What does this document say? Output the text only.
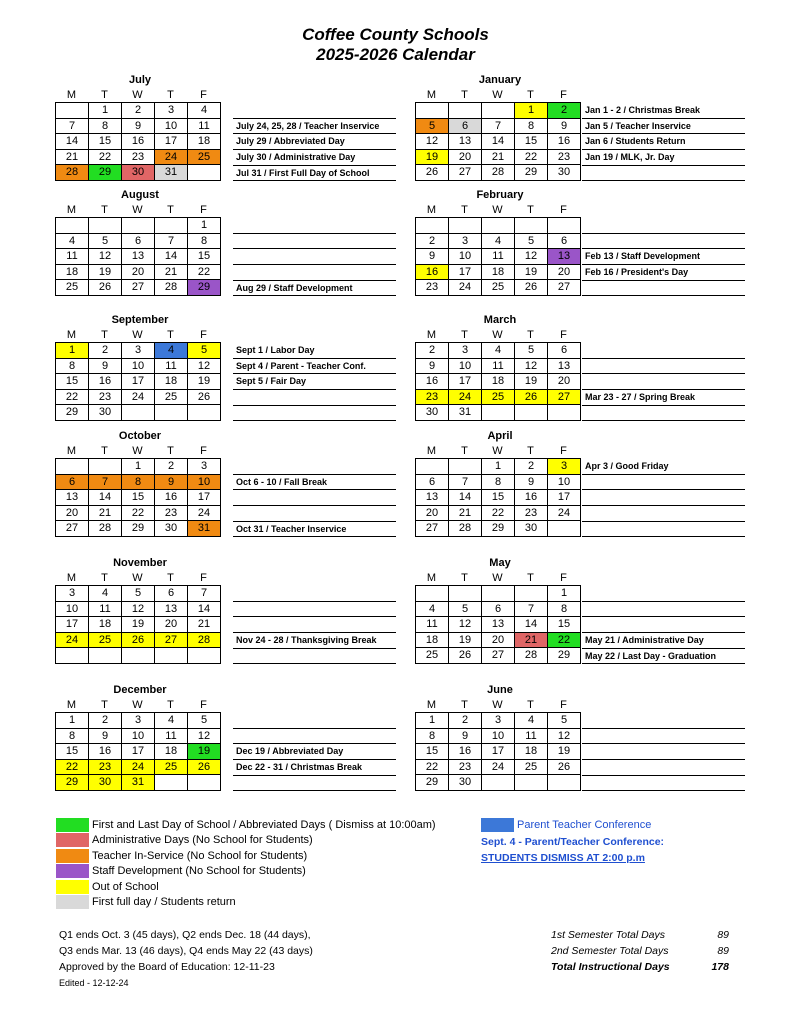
Coffee County Schools
2025-2026 Calendar
July
M	T	W	T	F
	1	2	3	4
7	8	9	10	11
14	15	16	17	18
21	22	23	24	25
28	29	30	31	
July 24, 25, 28 / Teacher Inservice
July 29 / Abbreviated Day
July 30 / Administrative Day
Jul 31 / First Full Day of School
August
M	T	W	T	F
				1
4	5	6	7	8
11	12	13	14	15
18	19	20	21	22
25	26	27	28	29	Aug 29 / Staff Development
September
M	T	W	T	F
1	2	3	4	5
8	9	10	11	12
15	16	17	18	19
22	23	24	25	26
29	30			
Sept 1 / Labor Day
Sept 4 / Parent - Teacher Conf.
Sept 5 / Fair Day
October
M	T	W	T	F
		1	2	3
6	7	8	9	10
13	14	15	16	17
20	21	22	23	24
27	28	29	30	31
Oct 6 - 10 / Fall Break
Oct 31 / Teacher Inservice
November
M	T	W	T	F
3	4	5	6	7
10	11	12	13	14
17	18	19	20	21
24	25	26	27	28
					Nov 24 - 28 / Thanksgiving Break
December
M	T	W	T	F
1	2	3	4	5
8	9	10	11	12
15	16	17	18	19
22	23	24	25	26
29	30	31		
Dec 19 / Abbreviated Day
Dec 22 - 31 / Christmas Break
January
M	T	W	T	F
			1	2
5	6	7	8	9
12	13	14	15	16
19	20	21	22	23
26	27	28	29	30
Jan 1 - 2 / Christmas Break
Jan 5 / Teacher Inservice
Jan 6 / Students Return
Jan 19 / MLK, Jr. Day
February
M	T	W	T	F

2	3	4	5	6
9	10	11	12	13
16	17	18	19	20
23	24	25	26	27
Feb 13 / Staff Development
Feb 16 / President's Day
March
M	T	W	T	F
2	3	4	5	6
9	10	11	12	13
16	17	18	19	20
23	24	25	26	27
30	31			
Mar 23 - 27 / Spring Break
April
M	T	W	T	F
		1	2	3
6	7	8	9	10
13	14	15	16	17
20	21	22	23	24
27	28	29	30	
Apr 3 / Good Friday
May
M	T	W	T	F
				1
4	5	6	7	8
11	12	13	14	15
18	19	20	21	22
25	26	27	28	29
May 21 / Administrative Day
May 22 / Last Day - Graduation
June
M	T	W	T	F
1	2	3	4	5
8	9	10	11	12
15	16	17	18	19
22	23	24	25	26
29	30			
First and Last Day of School / Abbreviated Days ( Dismiss at 10:00am)
Administrative Days (No School for Students)
Teacher In-Service (No School for Students)
Staff Development (No School for Students)
Out of School
First full day / Students return
Parent Teacher Conference
Sept. 4 - Parent/Teacher Conference:
STUDENTS DISMISS AT 2:00 p.m
Q1 ends Oct. 3 (45 days), Q2 ends Dec. 18 (44 days),
Q3 ends Mar. 13 (46 days), Q4 ends May 22 (43 days)
Approved by the Board of Education: 12-11-23
Edited - 12-12-24
1st Semester Total Days	89
2nd Semester Total Days	89
Total Instructional Days	178
